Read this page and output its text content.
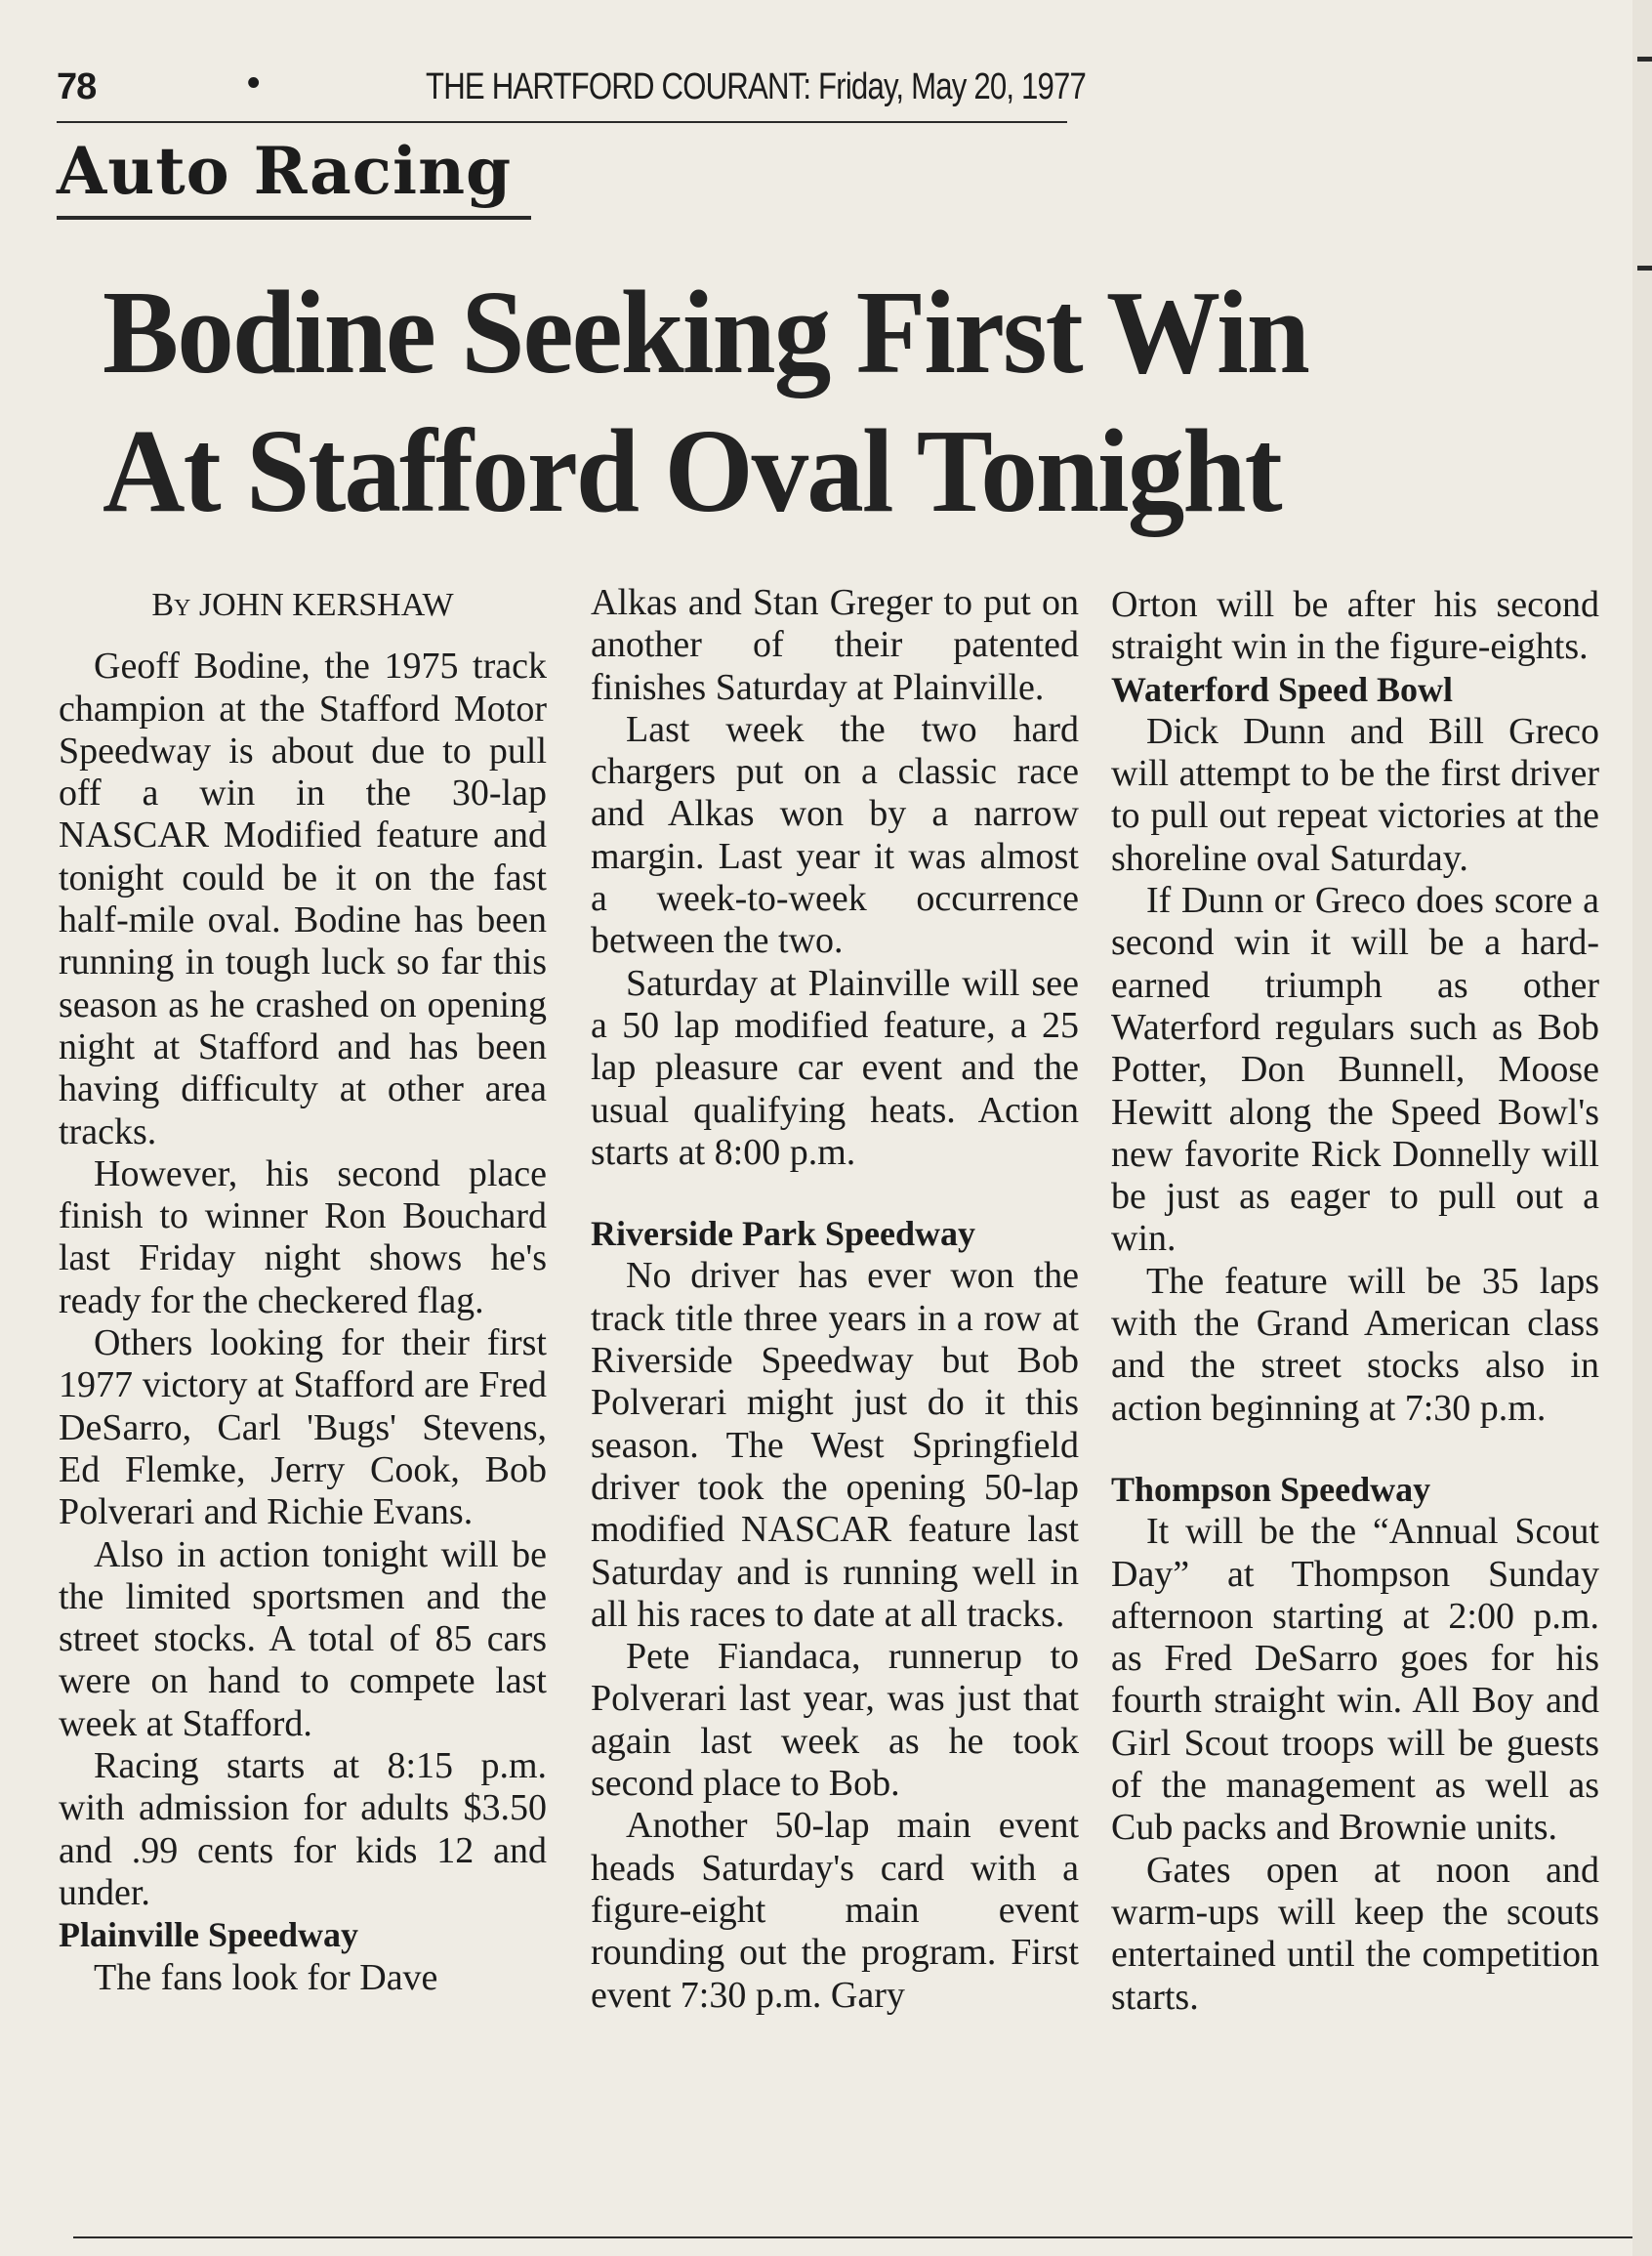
78	•	THE HARTFORD COURANT: Friday, May 20, 1977
Auto Racing
Bodine Seeking First Win
At Stafford Oval Tonight

By JOHN KERSHAW

Geoff Bodine, the 1975 track champion at the Stafford Motor Speedway is about due to pull off a win in the 30-lap NASCAR Modified feature and tonight could be it on the fast half-mile oval. Bodine has been running in tough luck so far this season as he crashed on opening night at Stafford and has been having difficulty at other area tracks.

However, his second place finish to winner Ron Bouchard last Friday night shows he's ready for the checkered flag.

Others looking for their first 1977 victory at Stafford are Fred DeSarro, Carl 'Bugs' Stevens, Ed Flemke, Jerry Cook, Bob Polverari and Richie Evans.

Also in action tonight will be the limited sportsmen and the street stocks. A total of 85 cars were on hand to compete last week at Stafford.

Racing starts at 8:15 p.m. with admission for adults $3.50 and .99 cents for kids 12 and under.

Plainville Speedway

The fans look for Dave

Alkas and Stan Greger to put on another of their patented finishes Saturday at Plainville.

Last week the two hard chargers put on a classic race and Alkas won by a narrow margin. Last year it was almost a week-to-week occurrence between the two.

Saturday at Plainville will see a 50 lap modified feature, a 25 lap pleasure car event and the usual qualifying heats. Action starts at 8:00 p.m.

Riverside Park Speedway

No driver has ever won the track title three years in a row at Riverside Speedway but Bob Polverari might just do it this season. The West Springfield driver took the opening 50-lap modified NASCAR feature last Saturday and is running well in all his races to date at all tracks.

Pete Fiandaca, runnerup to Polverari last year, was just that again last week as he took second place to Bob.

Another 50-lap main event heads Saturday's card with a figure-eight main event rounding out the program. First event 7:30 p.m. Gary

Orton will be after his second straight win in the figure-eights.

Waterford Speed Bowl

Dick Dunn and Bill Greco will attempt to be the first driver to pull out repeat victories at the shoreline oval Saturday.

If Dunn or Greco does score a second win it will be a hard-earned triumph as other Waterford regulars such as Bob Potter, Don Bunnell, Moose Hewitt along the Speed Bowl's new favorite Rick Donnelly will be just as eager to pull out a win.

The feature will be 35 laps with the Grand American class and the street stocks also in action beginning at 7:30 p.m.

Thompson Speedway

It will be the “Annual Scout Day” at Thompson Sunday afternoon starting at 2:00 p.m. as Fred DeSarro goes for his fourth straight win. All Boy and Girl Scout troops will be guests of the management as well as Cub packs and Brownie units.

Gates open at noon and warm-ups will keep the scouts entertained until the competition starts.
